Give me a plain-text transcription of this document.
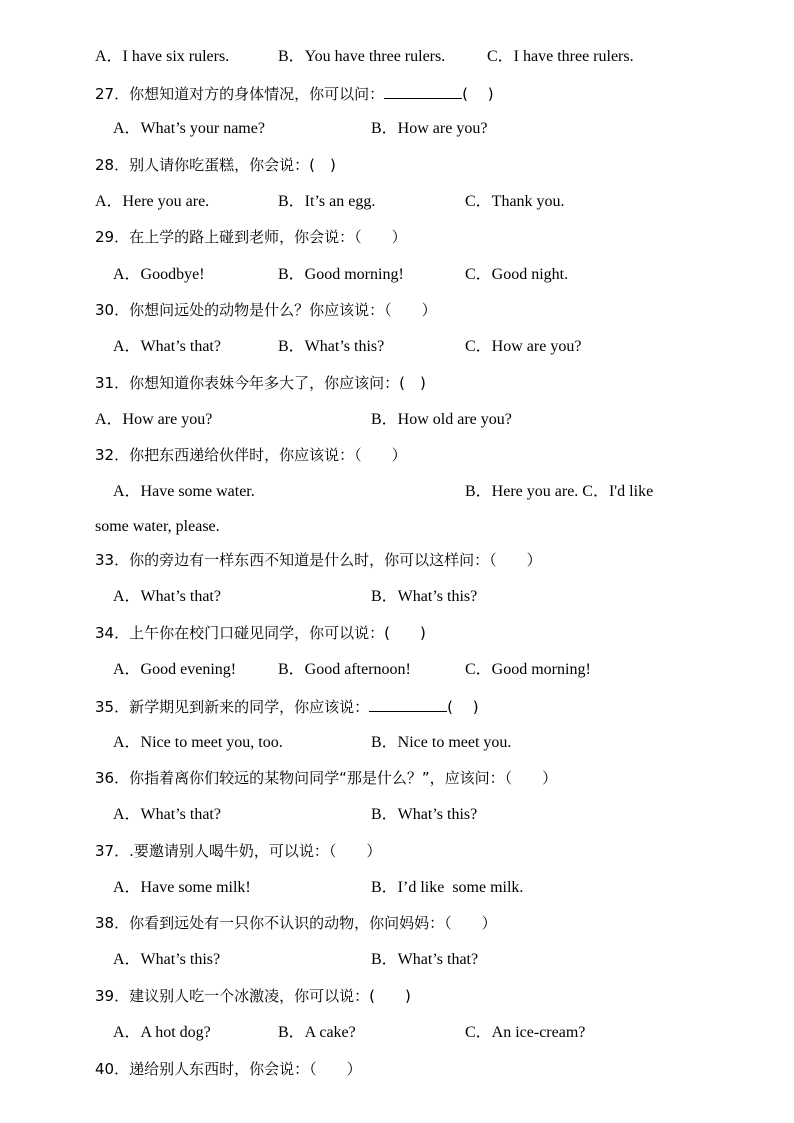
A．I have six rulers.	B．You have three rulers.	C．I have three rulers.
27．你想知道对方的身体情况，你可以问：	(　 )
A．What’s your name?	B．How are you?
28．别人请你吃蛋糕，你会说：(　)
A．Here you are.	B．It’s an egg.	C．Thank you.
29．在上学的路上碰到老师，你会说：（　　）
A．Goodbye!	B．Good morning!	C．Good night.
30．你想问远处的动物是什么？你应该说：（　　）
A．What’s that?	B．What’s this?	C．How are you?
31．你想知道你表妹今年多大了，你应该问：(　)
A．How are you?	B．How old are you?
32．你把东西递给伙伴时，你应该说：（　　）
A．Have some water.	B．Here you are. C．I'd like
some water, please.
33．你的旁边有一样东西不知道是什么时，你可以这样问：（　　）
A．What’s that?	B．What’s this?
34．上午你在校门口碰见同学，你可以说：(　　)
A．Good evening!	B．Good afternoon!	C．Good morning!
35．新学期见到新来的同学，你应该说：	(　 )
A．Nice to meet you, too.	B．Nice to meet you.
36．你指着离你们较远的某物问同学“那是什么？”，应该问：（　　）
A．What’s that?	B．What’s this?
37．.要邀请别人喝牛奶，可以说：（　　）
A．Have some milk!	B．I’d like  some milk.
38．你看到远处有一只你不认识的动物，你问妈妈：（　　）
A．What’s this?	B．What’s that?
39．建议别人吃一个冰激凌，你可以说：(　　)
A．A hot dog?	B．A cake?	C．An ice-cream?
40．递给别人东西时，你会说：（　　）
